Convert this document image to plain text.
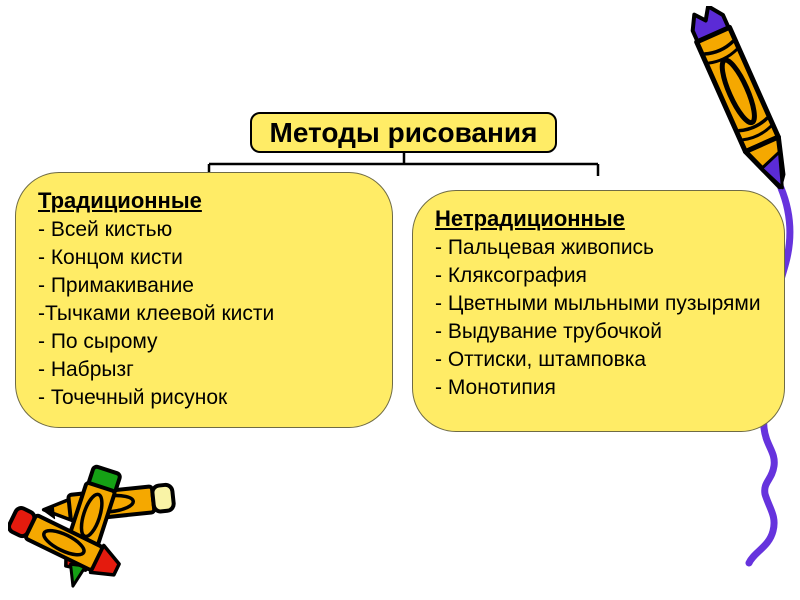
Методы рисования
Традиционные
- Всей кистью
- Концом кисти
- Примакивание
-Тычками клеевой кисти
- По сырому
- Набрызг
- Точечный рисунок
Нетрадиционные
- Пальцевая живопись
- Кляксография
- Цветными мыльными пузырями
- Выдувание трубочкой
- Оттиски, штамповка
- Монотипия
